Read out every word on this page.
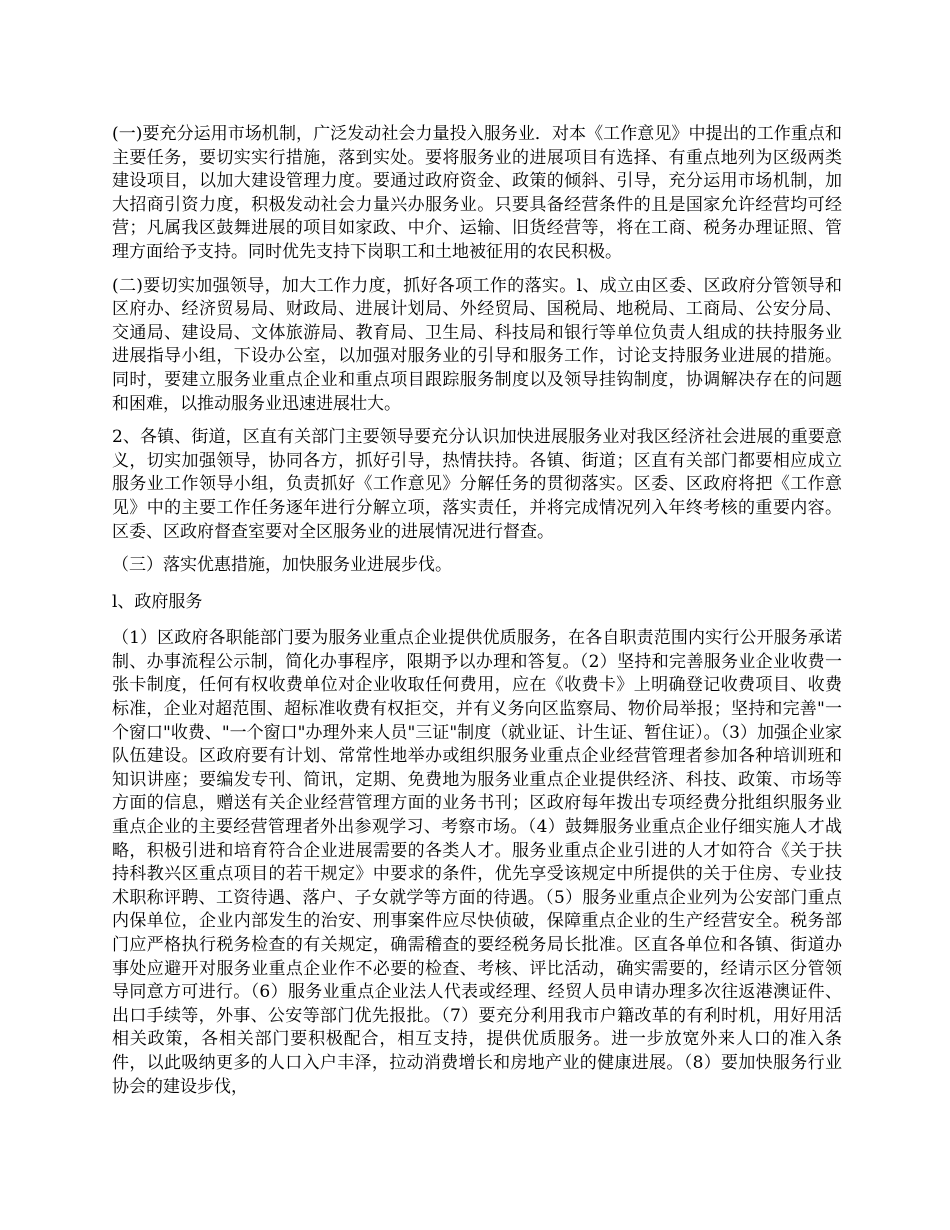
(一)要充分运用市场机制，广泛发动社会力量投入服务业．对本《工作意见》中提出的工作重点和主要任务，要切实实行措施，落到实处。要将服务业的进展项目有选择、有重点地列为区级两类建设项目，以加大建设管理力度。要通过政府资金、政策的倾斜、引导，充分运用市场机制，加大招商引资力度，积极发动社会力量兴办服务业。只要具备经营条件的且是国家允许经营均可经营；凡属我区鼓舞进展的项目如家政、中介、运输、旧货经营等，将在工商、税务办理证照、管理方面给予支持。同时优先支持下岗职工和土地被征用的农民积极。

(二)要切实加强领导，加大工作力度，抓好各项工作的落实。l、成立由区委、区政府分管领导和区府办、经济贸易局、财政局、进展计划局、外经贸局、国税局、地税局、工商局、公安分局、交通局、建设局、文体旅游局、教育局、卫生局、科技局和银行等单位负责人组成的扶持服务业进展指导小组，下设办公室，以加强对服务业的引导和服务工作，讨论支持服务业进展的措施。同时，要建立服务业重点企业和重点项目跟踪服务制度以及领导挂钩制度，协调解决存在的问题和困难，以推动服务业迅速进展壮大。

2、各镇、街道，区直有关部门主要领导要充分认识加快进展服务业对我区经济社会进展的重要意义，切实加强领导，协同各方，抓好引导，热情扶持。各镇、街道；区直有关部门都要相应成立服务业工作领导小组，负责抓好《工作意见》分解任务的贯彻落实。区委、区政府将把《工作意见》中的主要工作任务逐年进行分解立项，落实责任，并将完成情况列入年终考核的重要内容。区委、区政府督查室要对全区服务业的进展情况进行督查。

（三）落实优惠措施，加快服务业进展步伐。

l、政府服务

（1）区政府各职能部门要为服务业重点企业提供优质服务，在各自职责范围内实行公开服务承诺制、办事流程公示制，简化办事程序，限期予以办理和答复。（2）坚持和完善服务业企业收费一张卡制度，任何有权收费单位对企业收取任何费用，应在《收费卡》上明确登记收费项目、收费标准，企业对超范围、超标准收费有权拒交，并有义务向区监察局、物价局举报；坚持和完善"一个窗口"收费、"一个窗口"办理外来人员"三证"制度（就业证、计生证、暂住证）。（3）加强企业家队伍建设。区政府要有计划、常常性地举办或组织服务业重点企业经营管理者参加各种培训班和知识讲座；要编发专刊、简讯，定期、免费地为服务业重点企业提供经济、科技、政策、市场等方面的信息，赠送有关企业经营管理方面的业务书刊；区政府每年拨出专项经费分批组织服务业重点企业的主要经营管理者外出参观学习、考察市场。（4）鼓舞服务业重点企业仔细实施人才战略，积极引进和培育符合企业进展需要的各类人才。服务业重点企业引进的人才如符合《关于扶持科教兴区重点项目的若干规定》中要求的条件，优先享受该规定中所提供的关于住房、专业技术职称评聘、工资待遇、落户、子女就学等方面的待遇。（5）服务业重点企业列为公安部门重点内保单位，企业内部发生的治安、刑事案件应尽快侦破，保障重点企业的生产经营安全。税务部门应严格执行税务检查的有关规定，确需稽查的要经税务局长批准。区直各单位和各镇、街道办事处应避开对服务业重点企业作不必要的检查、考核、评比活动，确实需要的，经请示区分管领导同意方可进行。（6）服务业重点企业法人代表或经理、经贸人员申请办理多次往返港澳证件、出口手续等，外事、公安等部门优先报批。（7）要充分利用我市户籍改革的有利时机，用好用活相关政策，各相关部门要积极配合，相互支持，提供优质服务。进一步放宽外来人口的准入条件，以此吸纳更多的人口入户丰泽，拉动消费增长和房地产业的健康进展。（8）要加快服务行业协会的建设步伐，
